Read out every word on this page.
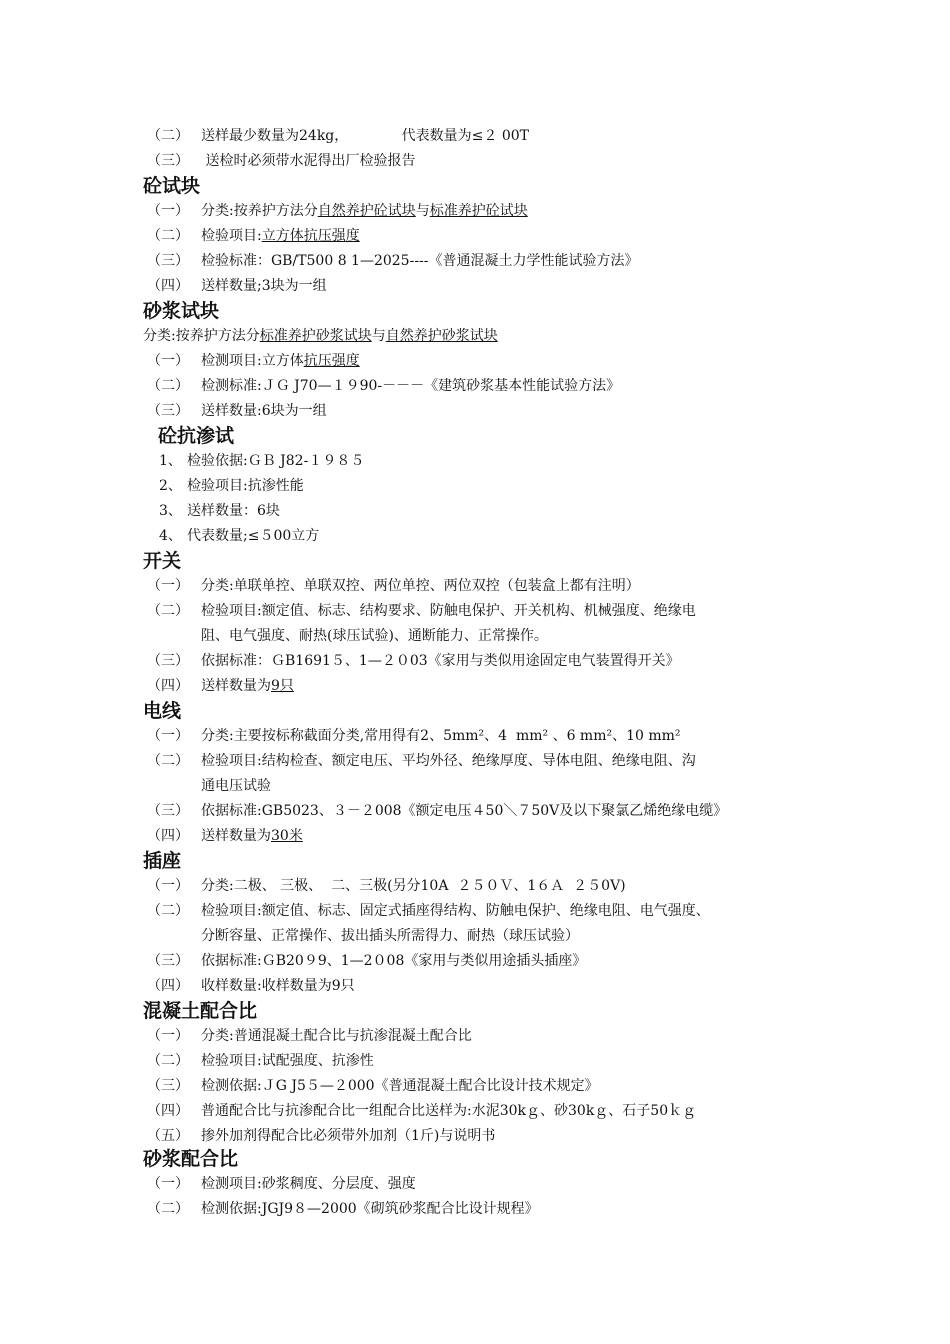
（二） 送样最少数量为24kg，	代表数量为≤２ 00T
（三） 送检时必须带水泥得出厂检验报告
砼试块
（一） 分类:按养护方法分自然养护砼试块与标准养护砼试块
（二） 检验项目:立方体抗压强度
（三） 检验标准：GB/T500 8 1—2025----《普通混凝土力学性能试验方法》
（四） 送样数量;3块为一组
砂浆试块
分类:按养护方法分标准养护砂浆试块与自然养护砂浆试块
（一） 检测项目:立方体抗压强度
（二） 检测标准:ＪＧ J70—１９90-－－－《建筑砂浆基本性能试验方法》
（三） 送样数量:6块为一组
砼抗渗试
1、 检验依据:ＧＢ J82-１９８５
2、 检验项目:抗渗性能
3、 送样数量：6块
4、 代表数量;≤５00立方
开关
（一） 分类:单联单控、单联双控、两位单控、两位双控（包装盒上都有注明）
（二） 检验项目:额定值、标志、结构要求、防触电保护、开关机构、机械强度、绝缘电
阻、电气强度、耐热(球压试验)、通断能力、正常操作。
（三） 依据标准：ＧB1691５、1—２０03《家用与类似用途固定电气装置得开关》
（四） 送样数量为9只
电线
（一） 分类:主要按标称截面分类,常用得有2、5mm²、4  mm² 、6 mm²、10 mm²
（二） 检验项目:结构检查、额定电压、平均外径、绝缘厚度、导体电阻、绝缘电阻、沟
通电压试验
（三） 依据标准:GB5023、３－２008《额定电压４50＼７50V及以下聚氯乙烯绝缘电缆》
（四） 送样数量为30米
插座
（一） 分类:二极、 三极、  二、三极(另分10A  ２５０Ｖ、1６Ａ  ２５0V)
（二） 检验项目:额定值、标志、固定式插座得结构、防触电保护、绝缘电阻、电气强度、
分断容量、正常操作、拔出插头所需得力、耐热（球压试验）
（三） 依据标准:ＧB20９9、1—2０08《家用与类似用途插头插座》
（四） 收样数量:收样数量为9只
混凝土配合比
（一） 分类:普通混凝土配合比与抗渗混凝土配合比
（二） 检验项目:试配强度、抗渗性
（三） 检测依据:ＪG J5５—２000《普通混凝土配合比设计技术规定》
（四） 普通配合比与抗渗配合比一组配合比送样为:水泥30kｇ、砂30kｇ、石子50ｋｇ
（五） 掺外加剂得配合比必须带外加剂（1斤)与说明书
砂浆配合比
（一） 检测项目:砂浆稠度、分层度、强度
（二） 检测依据:JGJ9８—2000《砌筑砂浆配合比设计规程》
